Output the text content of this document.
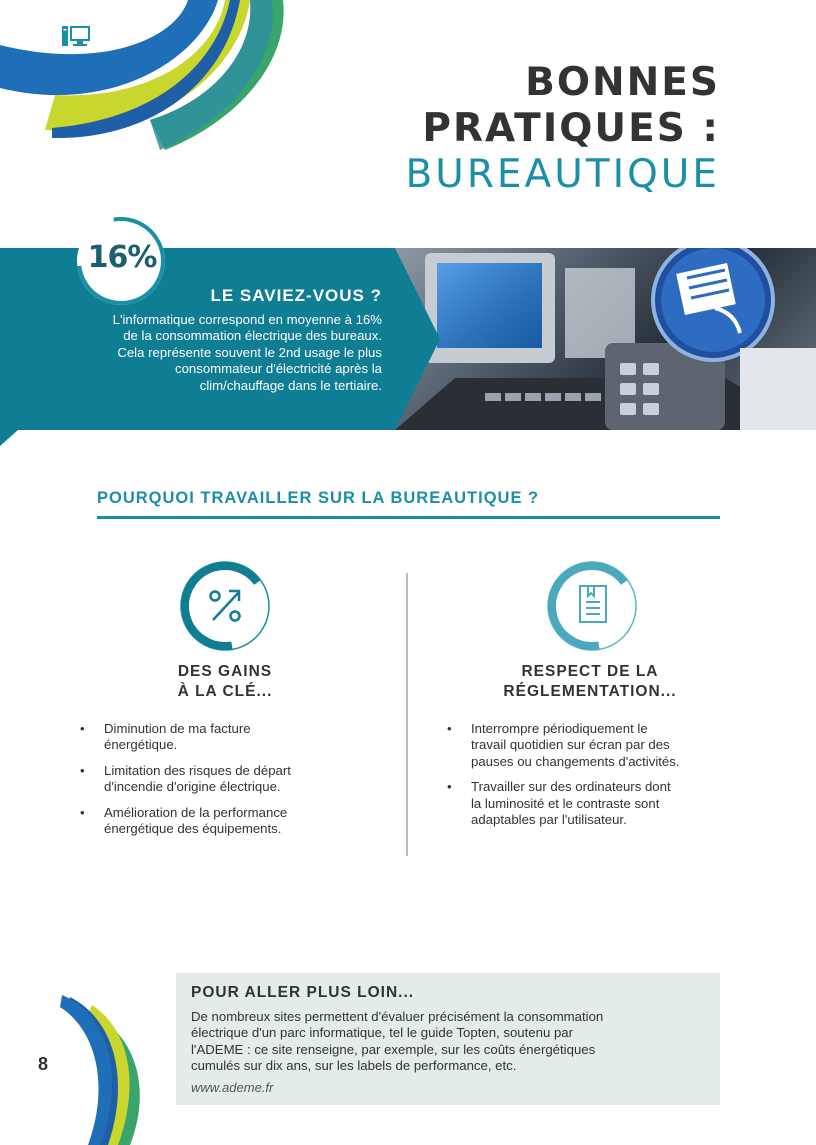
BONNES
PRATIQUES :
BUREAUTIQUE
16%
LE SAVIEZ-VOUS ?
L'informatique correspond en moyenne à 16%
de la consommation électrique des bureaux.
Cela représente souvent le 2nd usage le plus
consommateur d'électricité après la
clim/chauffage dans le tertiaire.
POURQUOI TRAVAILLER SUR LA BUREAUTIQUE ?
DES GAINS
À LA CLÉ...
• Diminution de ma facture
énergétique.
• Limitation des risques de départ
d'incendie d'origine électrique.
• Amélioration de la performance
énergétique des équipements.
RESPECT DE LA
RÉGLEMENTATION...
• Interrompre périodiquement le
travail quotidien sur écran par des
pauses ou changements d'activités.
• Travailler sur des ordinateurs dont
la luminosité et le contraste sont
adaptables par l'utilisateur.
POUR ALLER PLUS LOIN...
De nombreux sites permettent d'évaluer précisément la consommation
électrique d'un parc informatique, tel le guide Topten, soutenu par
l'ADEME : ce site renseigne, par exemple, sur les coûts énergétiques
cumulés sur dix ans, sur les labels de performance, etc.
www.ademe.fr
8
